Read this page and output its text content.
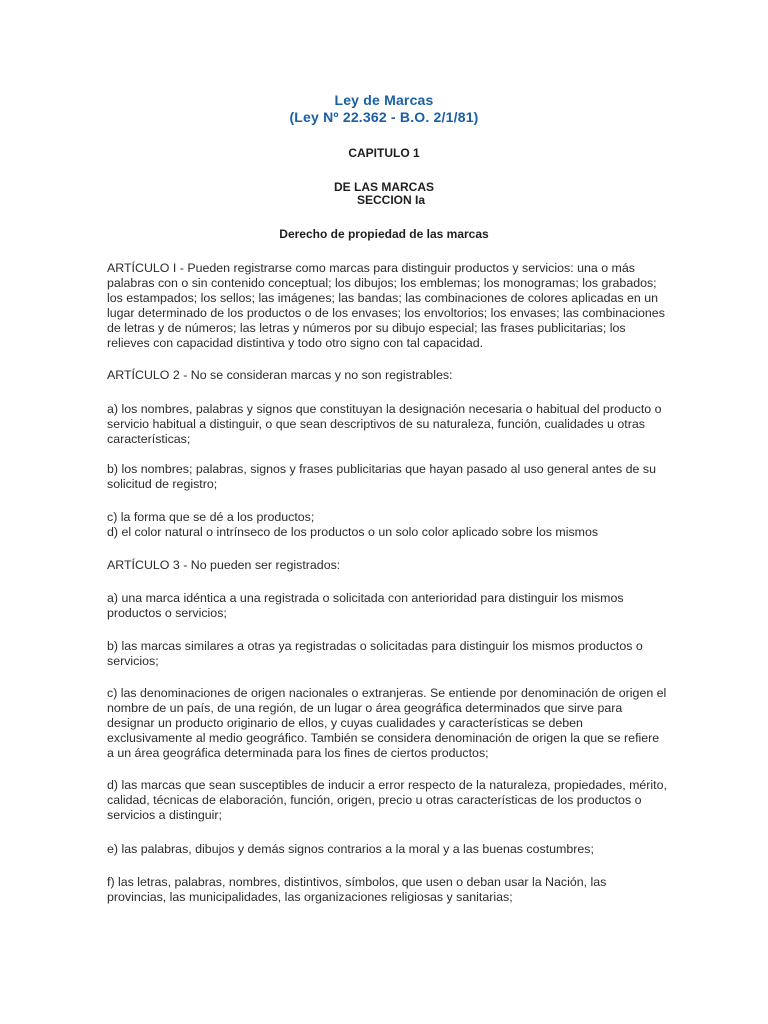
Ley de Marcas

(Ley Nº 22.362 - B.O. 2/1/81)

CAPITULO 1
DE LAS MARCAS
SECCION Ia
Derecho de propiedad de las marcas

ARTÍCULO I - Pueden registrarse como marcas para distinguir productos y servicios: una o más palabras con o sin contenido conceptual; los dibujos; los emblemas; los monogramas; los grabados; los estampados; los sellos; las imágenes; las bandas; las combinaciones de colores aplicadas en un lugar determinado de los productos o de los envases; los envoltorios; los envases; las combinaciones de letras y de números; las letras y números por su dibujo especial; las frases publicitarias; los relieves con capacidad distintiva y todo otro signo con tal capacidad.

ARTÍCULO 2 - No se consideran marcas y no son registrables:

a) los nombres, palabras y signos que constituyan la designación necesaria o habitual del producto o servicio habitual a distinguir, o que sean descriptivos de su naturaleza, función, cualidades u otras características;

b) los nombres; palabras, signos y frases publicitarias que hayan pasado al uso general antes de su solicitud de registro;

c) la forma que se dé a los productos;

d) el color natural o intrínseco de los productos o un solo color aplicado sobre los mismos

ARTÍCULO 3 - No pueden ser registrados:

a) una marca idéntica a una registrada o solicitada con anterioridad para distinguir los mismos productos o servicios;

b) las marcas similares a otras ya registradas o solicitadas para distinguir los mismos productos o servicios;

c) las denominaciones de origen nacionales o extranjeras. Se entiende por denominación de origen el nombre de un país, de una región, de un lugar o área geográfica determinados que sirve para designar un producto originario de ellos, y cuyas cualidades y características se deben exclusivamente al medio geográfico. También se considera denominación de origen la que se refiere a un área geográfica determinada para los fines de ciertos productos;

d) las marcas que sean susceptibles de inducir a error respecto de la naturaleza, propiedades, mérito, calidad, técnicas de elaboración, función, origen, precio u otras características de los productos o servicios a distinguir;

e) las palabras, dibujos y demás signos contrarios a la moral y a las buenas costumbres;

f) las letras, palabras, nombres, distintivos, símbolos, que usen o deban usar la Nación, las provincias, las municipalidades, las organizaciones religiosas y sanitarias;
